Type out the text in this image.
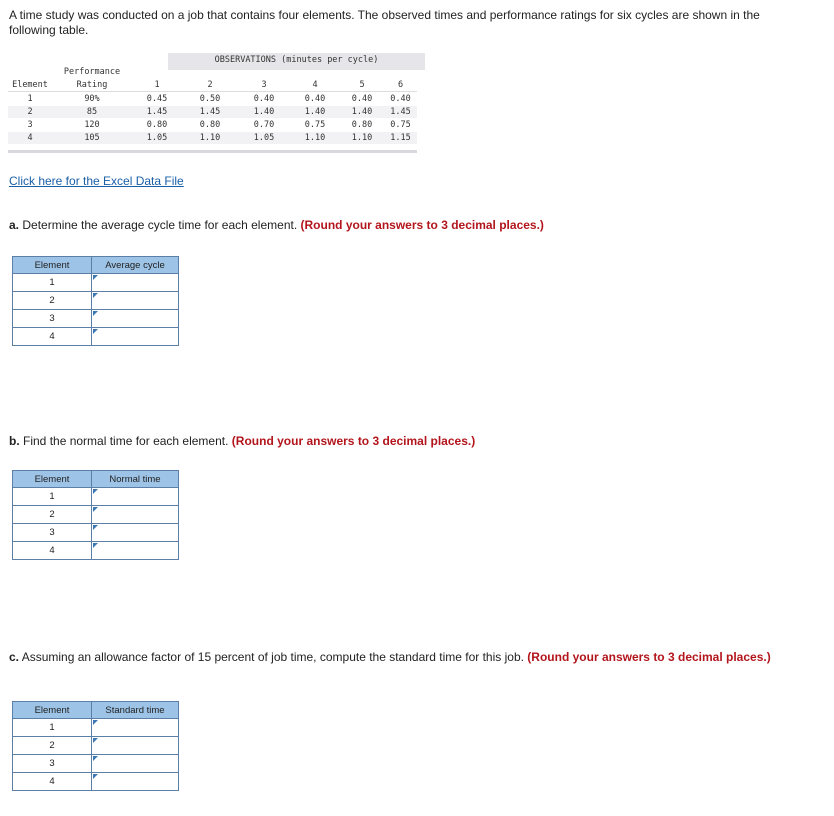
A time study was conducted on a job that contains four elements. The observed times and performance ratings for six cycles are shown in the following table.
OBSERVATIONS (minutes per cycle)
Performance
Element	Rating	1	2	3	4	5	6
1	90%	0.45	0.50	0.40	0.40	0.40	0.40
2	85	1.45	1.45	1.40	1.40	1.40	1.45
3	120	0.80	0.80	0.70	0.75	0.80	0.75
4	105	1.05	1.10	1.05	1.10	1.10	1.15
Click here for the Excel Data File
a. Determine the average cycle time for each element. (Round your answers to 3 decimal places.)
Element	Average cycle
1	
2	
3	
4	
b. Find the normal time for each element. (Round your answers to 3 decimal places.)
Element	Normal time
1	
2	
3	
4	
c. Assuming an allowance factor of 15 percent of job time, compute the standard time for this job. (Round your answers to 3 decimal places.)
Element	Standard time
1	
2	
3	
4	
